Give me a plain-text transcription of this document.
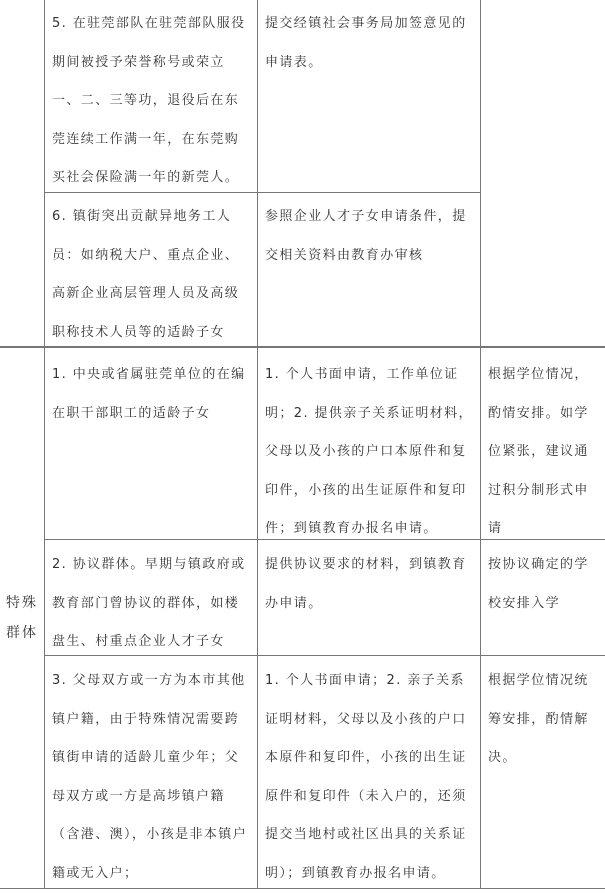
5. 在驻莞部队在驻莞部队服役期间被授予荣誉称号或荣立一、二、三等功，退役后在东莞连续工作满一年，在东莞购买社会保险满一年的新莞人。
提交经镇社会事务局加签意见的申请表。
6. 镇街突出贡献异地务工人员：如纳税大户、重点企业、高新企业高层管理人员及高级职称技术人员等的适龄子女
参照企业人才子女申请条件，提交相关资料由教育办审核
特殊群体
1. 中央或省属驻莞单位的在编在职干部职工的适龄子女
1. 个人书面申请，工作单位证明；2. 提供亲子关系证明材料，父母以及小孩的户口本原件和复印件，小孩的出生证原件和复印件；到镇教育办报名申请。
根据学位情况，酌情安排。如学位紧张，建议通过积分制形式申请
2. 协议群体。早期与镇政府或教育部门曾协议的群体，如楼盘生、村重点企业人才子女
提供协议要求的材料，到镇教育办申请。
按协议确定的学校安排入学
3. 父母双方或一方为本市其他镇户籍，由于特殊情况需要跨镇街申请的适龄儿童少年；父母双方或一方是高埗镇户籍（含港、澳），小孩是非本镇户籍或无入户；
1. 个人书面申请；2. 亲子关系证明材料，父母以及小孩的户口本原件和复印件，小孩的出生证原件和复印件（未入户的，还须提交当地村或社区出具的关系证明）；到镇教育办报名申请。
根据学位情况统筹安排，酌情解决。
